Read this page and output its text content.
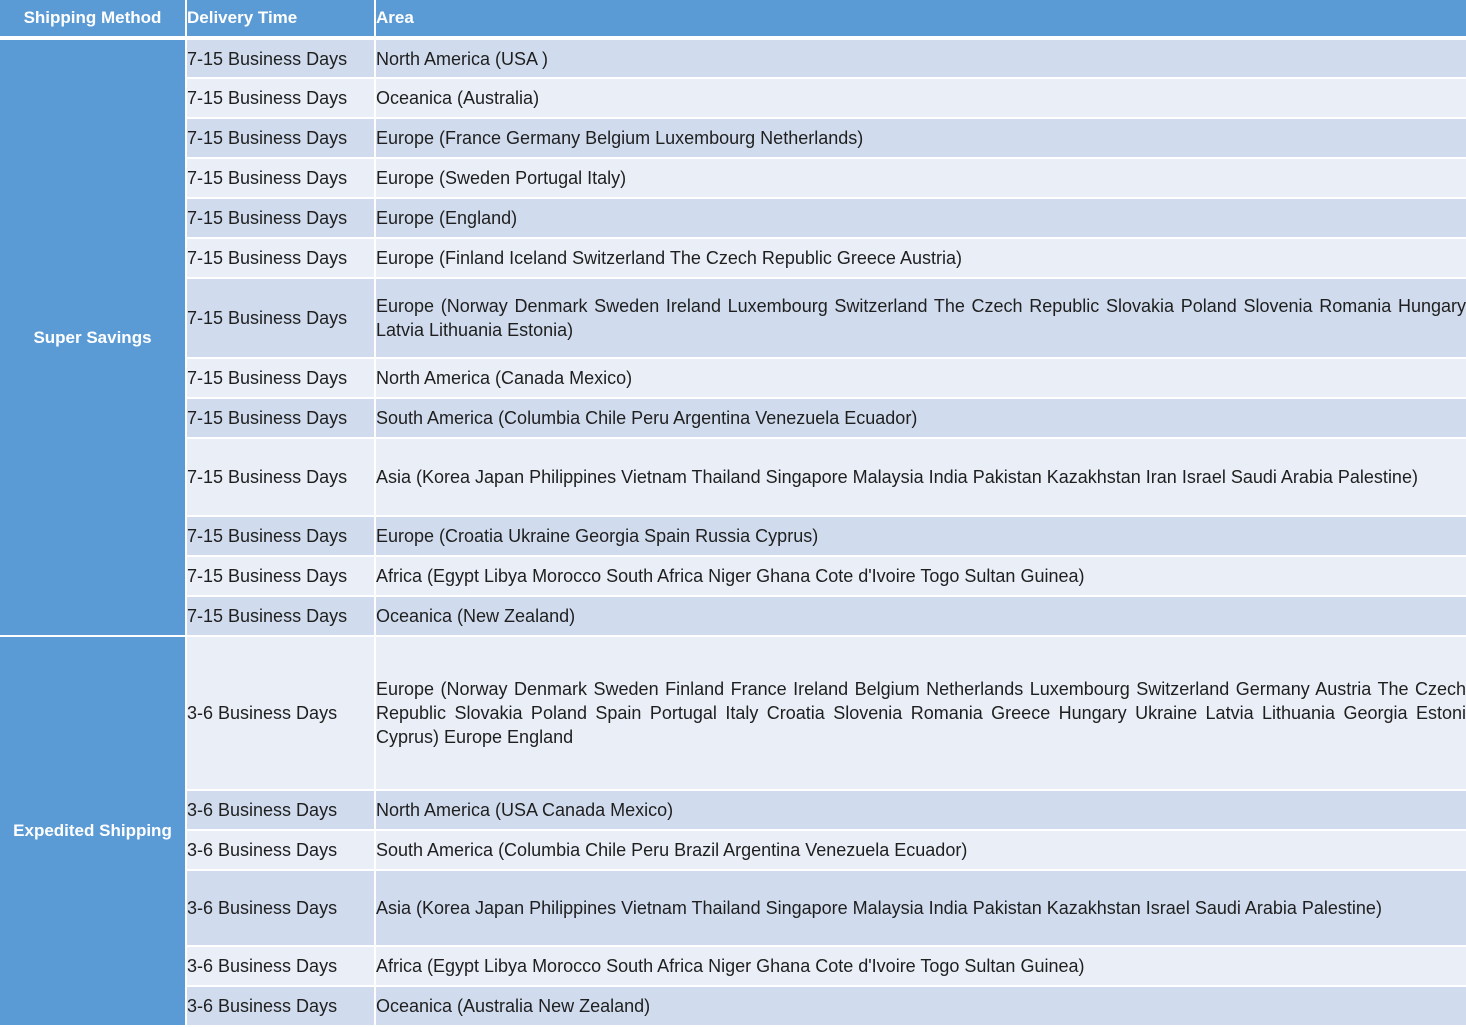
Shipping Method	Delivery Time	Area
Super Savings	7-15 Business Days	North America (USA )
	7-15 Business Days	Oceanica (Australia)
	7-15 Business Days	Europe (France Germany Belgium Luxembourg Netherlands)
	7-15 Business Days	Europe (Sweden Portugal Italy)
	7-15 Business Days	Europe (England)
	7-15 Business Days	Europe (Finland Iceland Switzerland The Czech Republic Greece Austria)
	7-15 Business Days	Europe (Norway Denmark Sweden Ireland Luxembourg Switzerland The Czech Republic Slovakia Poland Slovenia Romania Hungary Latvia Lithuania Estonia)
	7-15 Business Days	North America (Canada Mexico)
	7-15 Business Days	South America (Columbia Chile Peru Argentina Venezuela Ecuador)
	7-15 Business Days	Asia (Korea Japan Philippines Vietnam Thailand Singapore Malaysia India Pakistan Kazakhstan Iran Israel Saudi Arabia Palestine)
	7-15 Business Days	Europe (Croatia Ukraine Georgia Spain Russia Cyprus)
	7-15 Business Days	Africa (Egypt Libya Morocco South Africa Niger Ghana Cote d'Ivoire Togo Sultan Guinea)
	7-15 Business Days	Oceanica (New Zealand)
Expedited Shipping	3-6 Business Days	Europe (Norway Denmark Sweden Finland France Ireland Belgium Netherlands Luxembourg Switzerland Germany Austria The Czech Republic Slovakia Poland Spain Portugal Italy Croatia Slovenia Romania Greece Hungary Ukraine Latvia Lithuania Georgia Estoni Cyprus) Europe England
	3-6 Business Days	North America (USA Canada Mexico)
	3-6 Business Days	South America (Columbia Chile Peru Brazil Argentina Venezuela Ecuador)
	3-6 Business Days	Asia (Korea Japan Philippines Vietnam Thailand Singapore Malaysia India Pakistan Kazakhstan Israel Saudi Arabia Palestine)
	3-6 Business Days	Africa (Egypt Libya Morocco South Africa Niger Ghana Cote d'Ivoire Togo Sultan Guinea)
	3-6 Business Days	Oceanica (Australia New Zealand)
